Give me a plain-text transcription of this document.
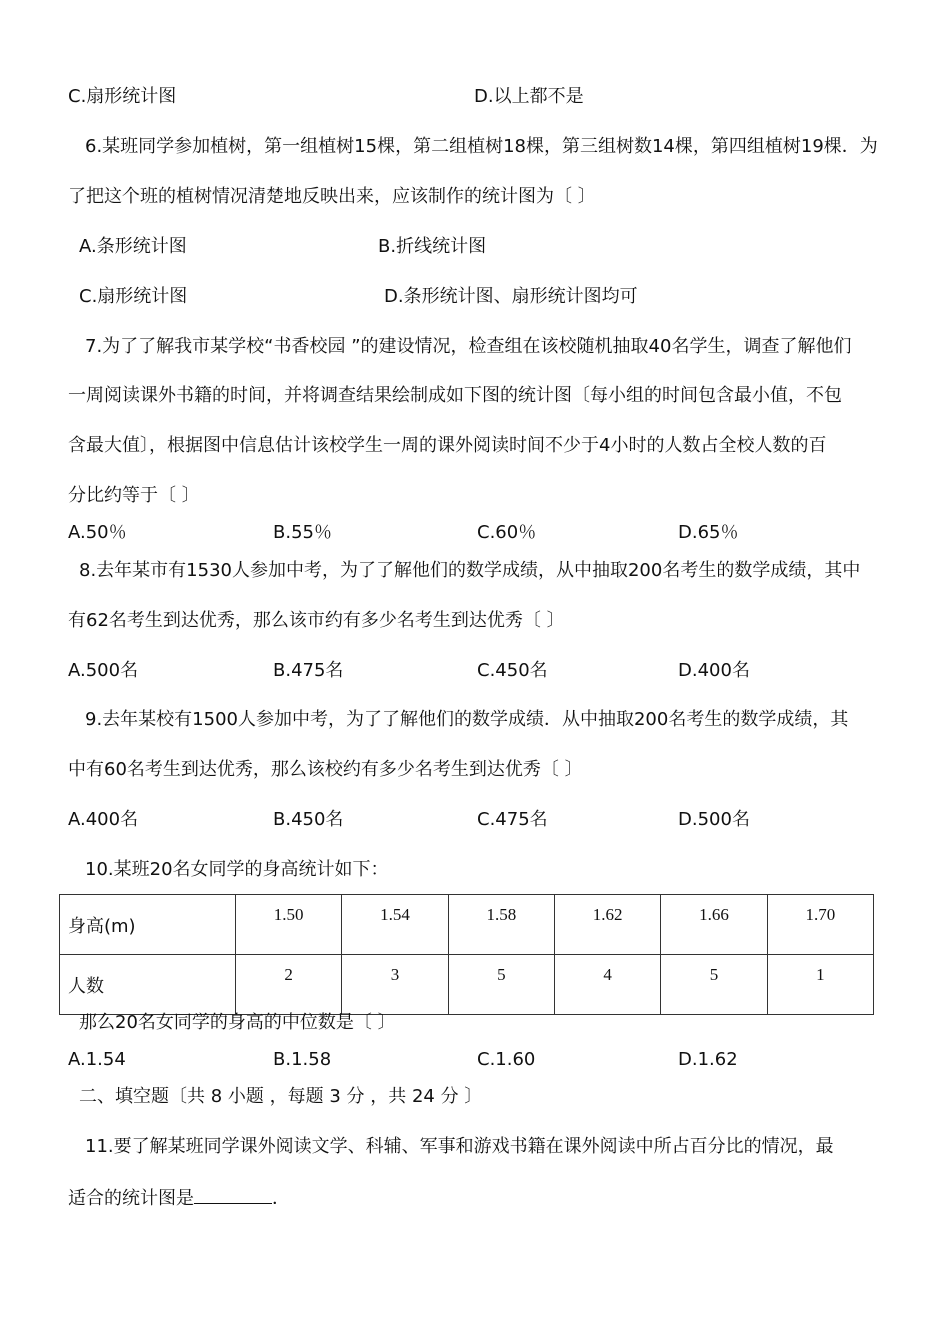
C.扇形统计图	D.以上都不是
6.某班同学参加植树，第一组植树15棵，第二组植树18棵，第三组树数14棵，第四组植树19棵．为
了把这个班的植树情况清楚地反映出来，应该制作的统计图为〔 〕
A.条形统计图	B.折线统计图
C.扇形统计图	D.条形统计图、扇形统计图均可
7.为了了解我市某学校“书香校园 ”的建设情况，检查组在该校随机抽取40名学生，调查了解他们
一周阅读课外书籍的时间，并将调查结果绘制成如下图的统计图〔每小组的时间包含最小值，不包
含最大值〕，根据图中信息估计该校学生一周的课外阅读时间不少于4小时的人数占全校人数的百
分比约等于〔 〕
A.50％	B.55％	C.60％	D.65％
8.去年某市有1530人参加中考，为了了解他们的数学成绩，从中抽取200名考生的数学成绩，其中
有62名考生到达优秀，那么该市约有多少名考生到达优秀〔 〕
A.500名	B.475名	C.450名	D.400名
9.去年某校有1500人参加中考，为了了解他们的数学成绩．从中抽取200名考生的数学成绩，其
中有60名考生到达优秀，那么该校约有多少名考生到达优秀〔 〕
A.400名	B.450名	C.475名	D.500名
10.某班20名女同学的身高统计如下：
身高(m)	1.50	1.54	1.58	1.62	1.66	1.70
人数	2	3	5	4	5	1
那么20名女同学的身高的中位数是〔 〕
A.1.54	B.1.58	C.1.60	D.1.62
二、填空题〔共 8 小题 ，每题 3 分 ，共 24 分 〕
11.要了解某班同学课外阅读文学、科辅、军事和游戏书籍在课外阅读中所占百分比的情况，最
适合的统计图是	．
